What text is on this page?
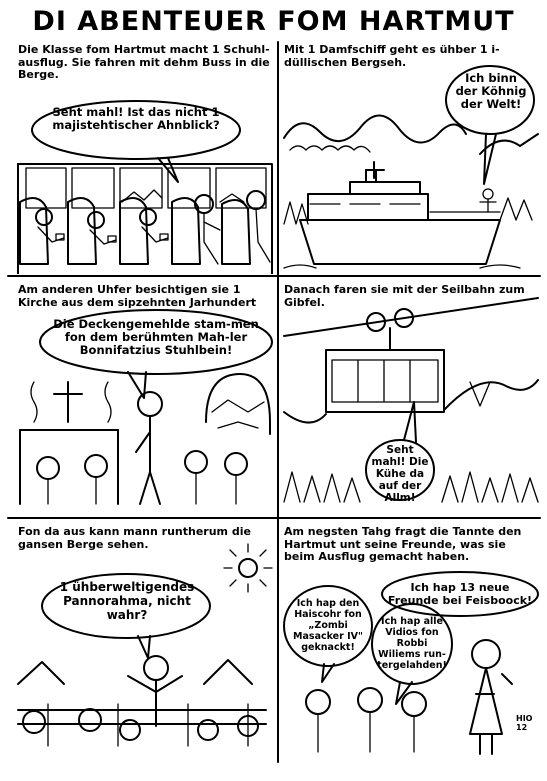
DI ABENTEUER FOM HARTMUT
Die Klasse fom Hartmut macht 1 Schuhl-ausflug. Sie fahren mit dehm Buss in die Berge.
Seht mahl! Ist das nicht 1 majistehtischer Ahnblick?
Mit 1 Damfschiff geht es ühber 1 i-düllischen Bergseh.
Ich binn der Köhnig der Welt!
Am anderen Uhfer besichtigen sie 1 Kirche aus dem sipzehnten Jarhundert
Die Deckengemehlde stam-men fon dem berühmten Mah-ler Bonnifatzius Stuhlbein!
Danach faren sie mit der Seilbahn zum Gibfel.
Seht mahl! Die Kühe da auf der Allm!
Fon da aus kann mann runtherum die gansen Berge sehen.
1 ühberweltigendes Pannorahma, nicht wahr?
Am negsten Tahg fragt die Tannte den Hartmut unt seine Freunde, was sie beim Ausflug gemacht haben.
Ich hap 13 neue Freunde bei Feisboock!
Ich hap den Haiscohr fon „Zombi Masacker IV" geknackt!
Ich hap alle Vidios fon Robbi Wiliems run-tergelahden!
HIO 12
